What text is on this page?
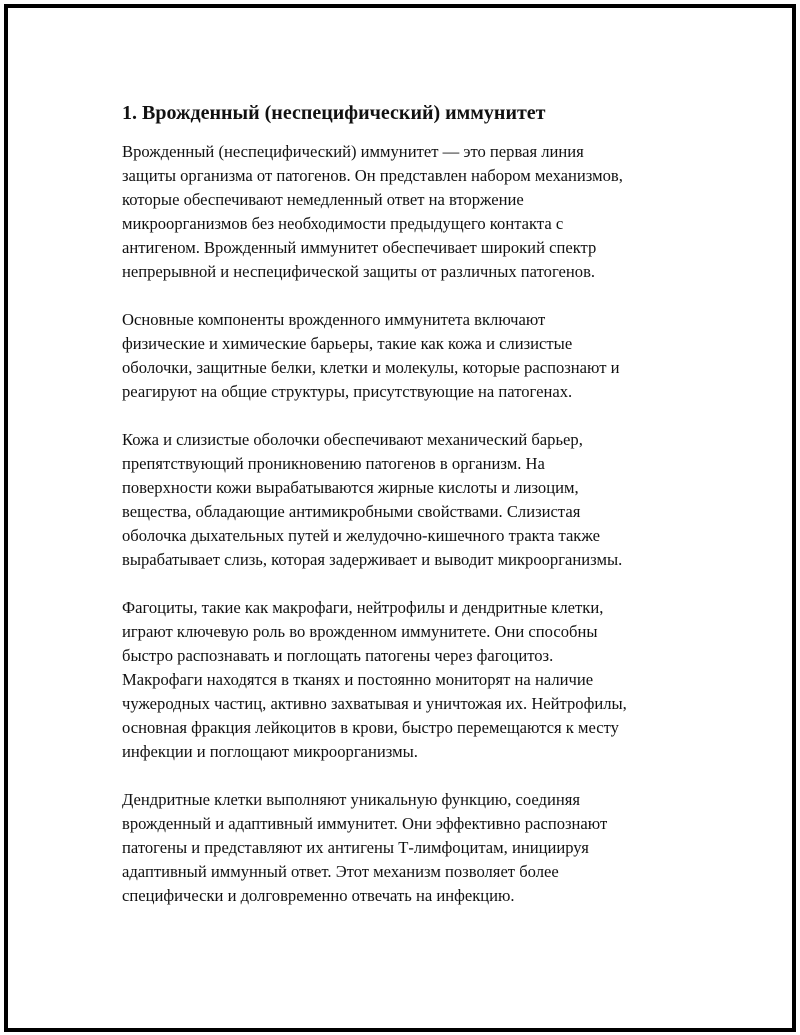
1. Врожденный (неспецифический) иммунитет

Врожденный (неспецифический) иммунитет — это первая линия
защиты организма от патогенов. Он представлен набором механизмов,
которые обеспечивают немедленный ответ на вторжение
микроорганизмов без необходимости предыдущего контакта с
антигеном. Врожденный иммунитет обеспечивает широкий спектр
непрерывной и неспецифической защиты от различных патогенов.

Основные компоненты врожденного иммунитета включают
физические и химические барьеры, такие как кожа и слизистые
оболочки, защитные белки, клетки и молекулы, которые распознают и
реагируют на общие структуры, присутствующие на патогенах.

Кожа и слизистые оболочки обеспечивают механический барьер,
препятствующий проникновению патогенов в организм. На
поверхности кожи вырабатываются жирные кислоты и лизоцим,
вещества, обладающие антимикробными свойствами. Слизистая
оболочка дыхательных путей и желудочно-кишечного тракта также
вырабатывает слизь, которая задерживает и выводит микроорганизмы.

Фагоциты, такие как макрофаги, нейтрофилы и дендритные клетки,
играют ключевую роль во врожденном иммунитете. Они способны
быстро распознавать и поглощать патогены через фагоцитоз.
Макрофаги находятся в тканях и постоянно мониторят на наличие
чужеродных частиц, активно захватывая и уничтожая их. Нейтрофилы,
основная фракция лейкоцитов в крови, быстро перемещаются к месту
инфекции и поглощают микроорганизмы.

Дендритные клетки выполняют уникальную функцию, соединяя
врожденный и адаптивный иммунитет. Они эффективно распознают
патогены и представляют их антигены Т-лимфоцитам, инициируя
адаптивный иммунный ответ. Этот механизм позволяет более
специфически и долговременно отвечать на инфекцию.
